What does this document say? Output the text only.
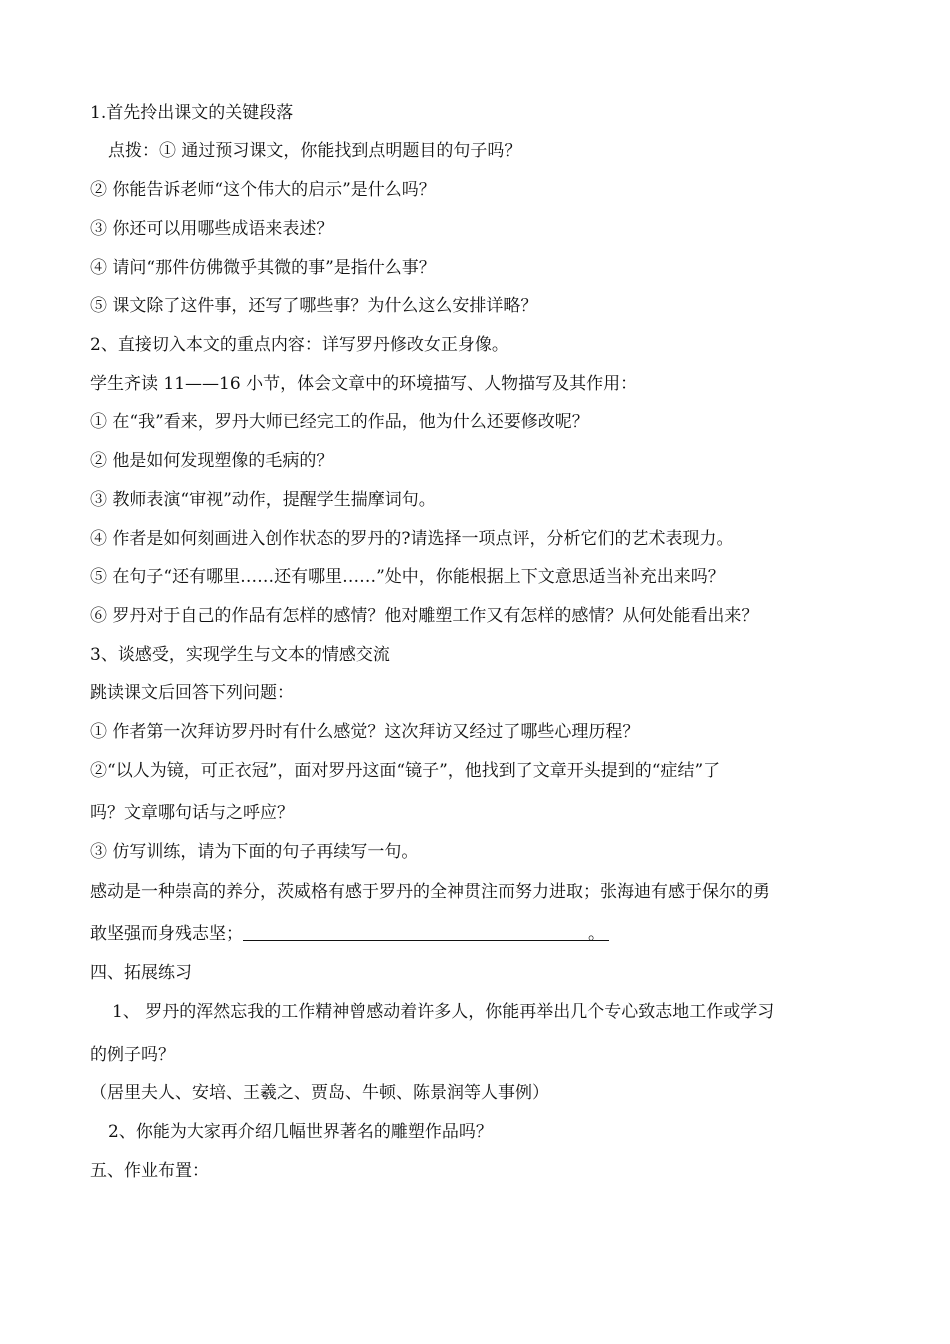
1.首先拎出课文的关键段落
点拨：① 通过预习课文，你能找到点明题目的句子吗？
② 你能告诉老师“这个伟大的启示”是什么吗？
③ 你还可以用哪些成语来表述？
④ 请问“那件仿佛微乎其微的事”是指什么事？
⑤ 课文除了这件事，还写了哪些事？为什么这么安排详略？
2、直接切入本文的重点内容：详写罗丹修改女正身像。
学生齐读 11——16 小节，体会文章中的环境描写、人物描写及其作用：
① 在“我”看来，罗丹大师已经完工的作品，他为什么还要修改呢？
② 他是如何发现塑像的毛病的？
③ 教师表演“审视”动作，提醒学生揣摩词句。
④ 作者是如何刻画进入创作状态的罗丹的?请选择一项点评，分析它们的艺术表现力。
⑤ 在句子“还有哪里……还有哪里……”处中，你能根据上下文意思适当补充出来吗？
⑥ 罗丹对于自己的作品有怎样的感情？他对雕塑工作又有怎样的感情？从何处能看出来？
3、谈感受，实现学生与文本的情感交流
跳读课文后回答下列问题：
① 作者第一次拜访罗丹时有什么感觉？这次拜访又经过了哪些心理历程？
②“以人为镜，可正衣冠”，面对罗丹这面“镜子”，他找到了文章开头提到的“症结”了
吗？文章哪句话与之呼应？
③ 仿写训练，请为下面的句子再续写一句。
感动是一种崇高的养分，茨威格有感于罗丹的全神贯注而努力进取；张海迪有感于保尔的勇
敢坚强而身残志坚；	。
四、拓展练习
1、 罗丹的浑然忘我的工作精神曾感动着许多人，你能再举出几个专心致志地工作或学习
的例子吗？
（居里夫人、安培、王羲之、贾岛、牛顿、陈景润等人事例）
2、你能为大家再介绍几幅世界著名的雕塑作品吗？
五、作业布置：
